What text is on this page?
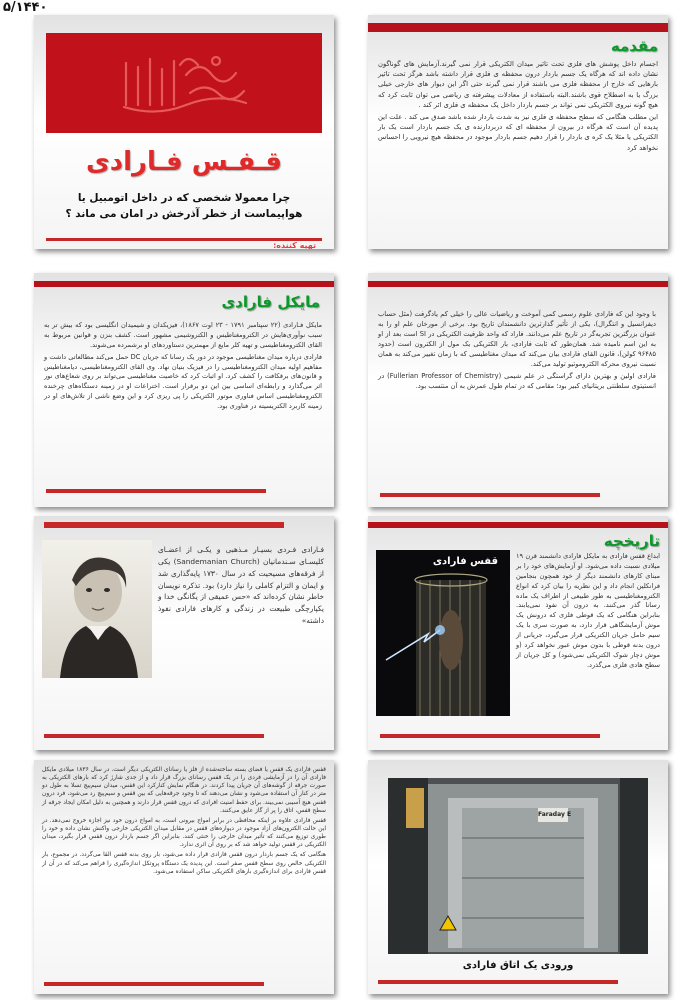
۵/۱۴۴۰
قـفـس فـارادی
چرا معمولا شخصی که در داخل اتومبیل یا هواپیماست از خطر آذرخش در امان می ماند ؟
تهیه کننده:
مقدمه

اجسام داخل پوشش های فلزی تحت تاثیر میدان الکتریکی قرار نمی گیرند.آزمایش های گوناگون نشان داده اند که هرگاه یک جسم باردار درون محفظه ی فلزی قرار داشته باشد هرگز تحت تاثیر بارهایی که خارج از محفظه فلزی می باشند قرار نمی گیرند حتی اگر این دیوار های خارجی خیلی بزرگ یا به اصطلاح قوی باشند.البته باستفاده از معادلات پیشرفته ی ریاضی می توان ثابت کرد که هیچ گونه نیروی الکتریکی نمی تواند بر جسم باردار داخل یک محفظه ی فلزی اثر کند .

این مطلب هنگامی که سطح محفظه ی فلزی نیز به شدت باردار شده باشد صدق می کند . علت این پدیده آن است که هرگاه در بیرون از محفظه ای که دربردارنده ی یک جسم باردار است یک بار الکتریکی یا مثلا یک کره ی باردار را قرار دهیم جسم باردار موجود در محفظه هیچ نیرویی را احساس نخواهد کرد

مایکل فارادی

مایکل فـارادی (۲۲ سپتامبر ۱۷۹۱ - ۲۳ اوت ۱۸۶۷)، فیزیکدان و شیمیدان انگلیسی بود که بیش تر به سبب نوآوری‌هایش در الکترومغناطیس و الکتروشیمی مشهور است. کشف بنزن و قوانین مربوط به القای الکترومغناطیسی و تهیه کلر مایع از مهمترین دستاوردهای او برشمرده می‌شوند.

فارادی درباره میدان مغناطیسی موجود در دور یک رسانا که جریان DC حمل می‌کند مطالعاتی داشت و مفاهیم اولیه میدان الکترومغناطیسی را در فیزیک بنیان نهاد. وی القای الکترومغناطیسی، دیامغناطیس و قانون‌های برقکافت را کشف کرد. او اثبات کرد که خاصیت مغناطیسی می‌تواند بر روی شعاع‌های نور اثر می‌گذارد و رابطه‌ای اساسی بین این دو برقرار است. اختراعات او در زمینه دستگاه‌های چرخنده الکترومغناطیسی اساس فناوری موتور الکتریکی را پی ریزی کرد و این وضع ناشی از تلاش‌های او در زمینه کاربرد الکتریسیته در فناوری بود.

با وجود این که فارادی علوم رسمی کمی آموخت و ریاضیات عالی را خیلی کم یادگرفت (مثل حساب دیفرانسیل و انتگرال)، یکی از تأثیر گذارترین دانشمندان تاریخ بود. برخی از مورخان علم او را به عنوان بزرگترین تجربه‌گر در تاریخ علم می‌دانند. فاراد که واحد ظرفیت الکتریکی در SI است بعد از او به این اسم نامیده شد. همان‌طور که ثابت فارادی، بار الکتریکی یک مول از الکترون است (حدود ۹۶۴۸۵ کولن)، قانون القای فارادی بیان می‌کند که میدان مغناطیسی که با زمان تغییر می‌کند به همان نسبت نیروی محرکه الکتروموتیو تولید می‌کند.

فارادی اولین و بهترین دارای گراستگی در علم شیمی (Fullerian Professor of Chemistry) در انستیتوی سلطنتی بریتانیای کبیر بود؛ مقامی که در تمام طول عمرش به آن منتسب بود.

فـارادی فـردی بسیـار مـذهبی و یکـی از اعضـای کلیسـای سـندمانیان (Sandemanian Church) یکی از فرقه‌های مسیحیت که در سال ۱۷۳۰ پایه‌گذاری شد و ایمان و التزام کاملی را نیاز دارد) بود. تذکره نویسان خاطر نشان کرده‌اند که «حس عمیقی از یگانگی خدا و یکپارچگی طبیعت در زندگی و کارهای فارادی نفوذ داشته»

تاریخچه
قفس فارادی	ابداع قفس فارادی به مایکل فارادی دانشمند قرن ۱۹ میلادی نسبت داده می‌شود. او آزمایش‌های خود را بر مبنای کارهای دانشمند دیگر از خود همچون بنجامین فرانکلین انجام داد و این نظریه را بیان کرد که انواع الکترومغناطیسی به طور طبیعی از اطراف یک ماده رسانا گذر می‌کنند. به درون آن نفوذ نمی‌یابند. بنابراین هنگامی که یک قوطی فلزی که درونش یک موش آزمایشگاهی قرار دارد، به صورت سری با یک سیم حامل جریان الکتریکی قرار می‌گیرد، جریانی از درون بدنه قوطی با بدون موش عبور نخواهد کرد (و موش دچار شوک الکتریکی نمی‌شود) و کل جریان از سطح هادی فلزی می‌گذرد.

قفس فارادی یک قفس یا فضای بسته ساخته‌شده از فلز یا رسانای الکتریکی دیگر است. در سال ۱۸۳۶ میلادی مایکل فارادی آن را در آزمایشی فردی را در یک قفس رسانای بزرگ قرار داد و از جدی شارژ کرد که بارهای الکتریکی به صورت جرقه از گوشه‌های آن جریان پیدا کردند. در هنگام نمایش کنارکرد این قفس، میدان سیم‌پیچ تسلا به طول دو متر در کنار آن استفاده می‌شود و نشان می‌دهند که تا وجود جرقه‌هایی که بین قفس و سیم‌پیچ رد می‌شود، فرد درون قفس هیچ آسیبی نمی‌بیند. برای حفظ امنیت افرادی که درون قفس قرار دارند و همچنین به دلیل امکان ایجاد جرقه از سطح قفس، اتاق را پر از گاز عایق می‌کنند.

قفس فارادی علاوه بر اینکه محافظی در برابر امواج بیرونی است، به امواج درون خود نیز اجازه خروج نمی‌دهد. در این حالت الکترون‌های آزاد موجود در دیواره‌های قفس در مقابل میدان الکتریکی خارجی واکنش نشان داده و خود را طوری توزیع می‌کنند که تأثیر میدان خارجی را خنثی کنند. بنابراین اگر جسم باردار درون قفس قرار بگیرد، میدان الکتریکی در قفس تولید خواهد شد که بر روی آن اثری ندارد.

هنگامی که یک جسم باردار درون قفس فارادی قرار داده می‌شود، بار روی بدنه قفس القا می‌گردد. در مجموع، بار الکتریکی خالص روی سطح قفس صفر است. این پدیده یک دستگاه پروتکل اندازه‌گیری را فراهم می‌کند که در آن از قفس فارادی برای اندازه‌گیری بارهای الکتریکی ساکن استفاده می‌شود.

Faraday E
ورودی یک اتاق فارادی
